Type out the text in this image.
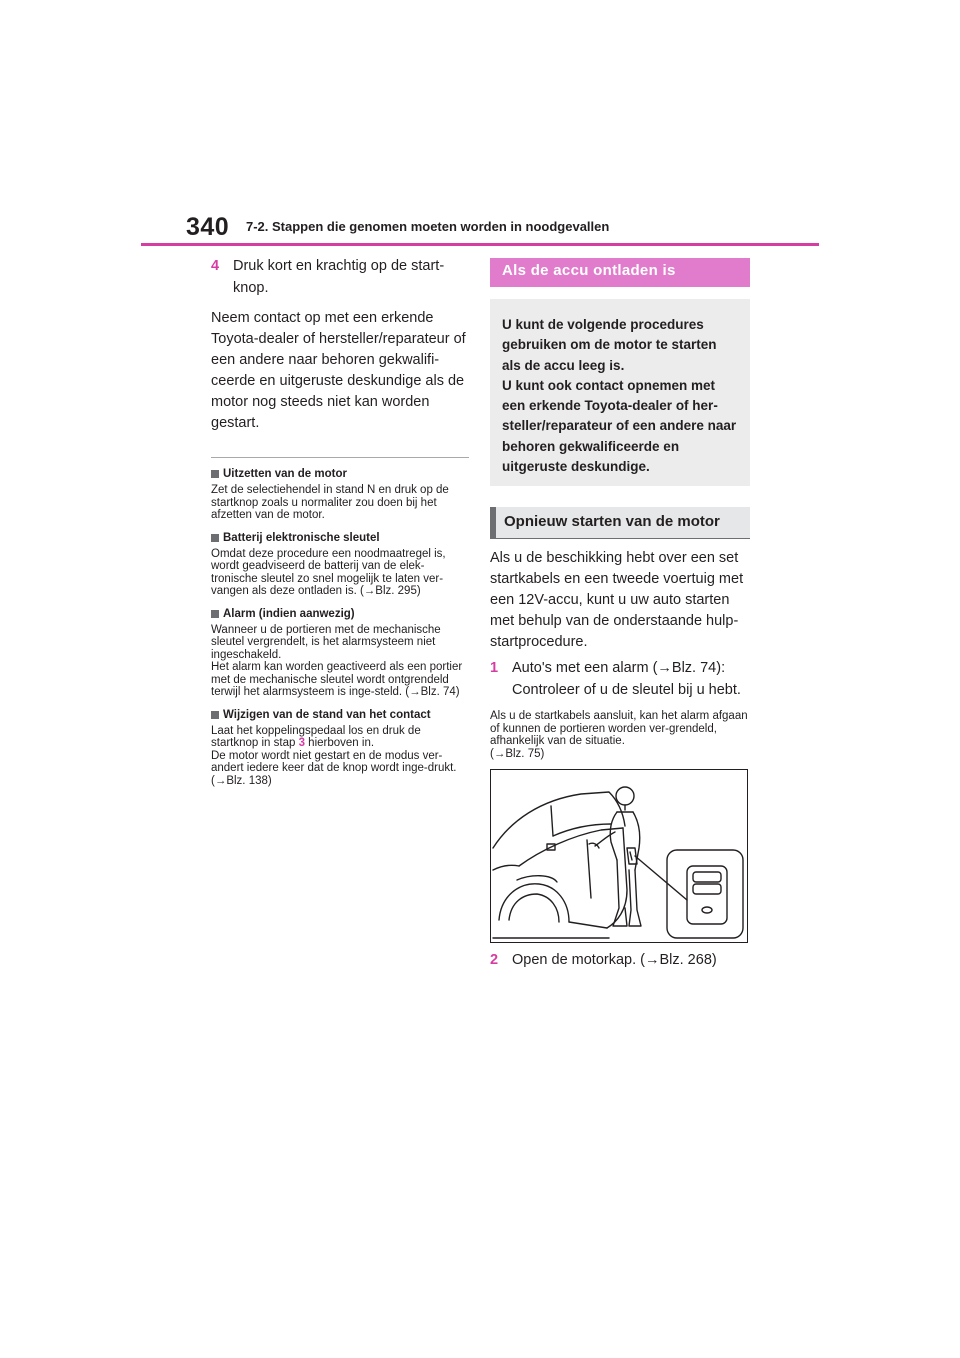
340 7-2. Stappen die genomen moeten worden in noodgevallen
4 Druk kort en krachtig op de start-
knop.
Neem contact op met een erkende Toyota-dealer of hersteller/reparateur of een andere naar behoren gekwalifi-ceerde en uitgeruste deskundige als de motor nog steeds niet kan worden gestart.
Uitzetten van de motor
Zet de selectiehendel in stand N en druk op de startknop zoals u normaliter zou doen bij het afzetten van de motor.
Batterij elektronische sleutel
Omdat deze procedure een noodmaatregel is, wordt geadviseerd de batterij van de elek-tronische sleutel zo snel mogelijk te laten ver-vangen als deze ontladen is. (→Blz. 295)
Alarm (indien aanwezig)
Wanneer u de portieren met de mechanische sleutel vergrendelt, is het alarmsysteem niet ingeschakeld.
Het alarm kan worden geactiveerd als een portier met de mechanische sleutel wordt ontgrendeld terwijl het alarmsysteem is inge-steld. (→Blz. 74)
Wijzigen van de stand van het contact
Laat het koppelingspedaal los en druk de startknop in stap 3 hierboven in.
De motor wordt niet gestart en de modus ver-andert iedere keer dat de knop wordt inge-drukt. (→Blz. 138)
Als de accu ontladen is
U kunt de volgende procedures gebruiken om de motor te starten als de accu leeg is.
U kunt ook contact opnemen met een erkende Toyota-dealer of her-steller/reparateur of een andere naar behoren gekwalificeerde en uitgeruste deskundige.
Opnieuw starten van de motor
Als u de beschikking hebt over een set startkabels en een tweede voertuig met een 12V-accu, kunt u uw auto starten met behulp van de onderstaande hulp-startprocedure.
1 Auto's met een alarm (→Blz. 74): Controleer of u de sleutel bij u hebt.
Als u de startkabels aansluit, kan het alarm afgaan of kunnen de portieren worden ver-grendeld, afhankelijk van de situatie.
(→Blz. 75)
2 Open de motorkap. (→Blz. 268)
